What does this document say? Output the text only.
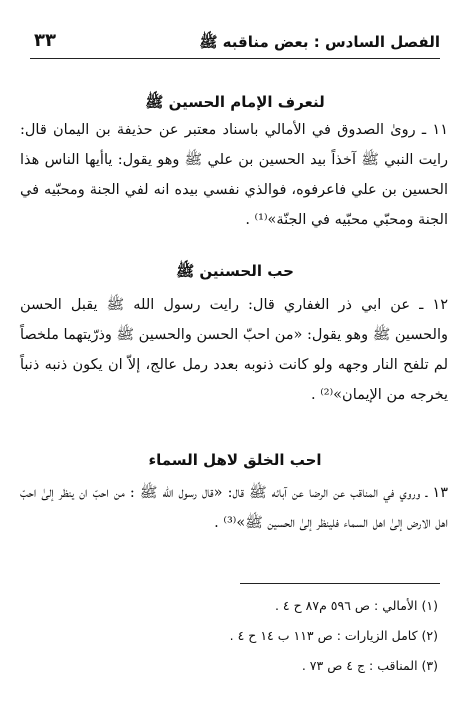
الفصل السادس : بعض مناقبه ﷺ
٣٣
لنعرف الإمام الحسين ﷺ

١١ ـ روىٰ الصدوق في الأمالي باسناد معتبر عن حذيفة بن اليمان قال: رايت النبي ﷺ آخذاً بيد الحسين بن علي ﷺ وهو يقول: ياأيها الناس هذا الحسين بن علي فاعرفوه، فوالذي نفسي بيده انه لفي الجنة ومحبّيه في الجنة ومحبّي محبّيه في الجنّة»⁽¹⁾ .

حب الحسنين ﷺ

١٢ ـ عن ابي ذر الغفاري قال: رايت رسول الله ﷺ يقبل الحسن والحسين ﷺ وهو يقول: «من احبّ الحسن والحسين ﷺ وذرّيتهما ملخصاً لم تلفح النار وجهه ولو كانت ذنوبه بعدد رمل عالج، إلاّ ان يكون ذنبه ذنباً يخرجه من الإيمان»⁽²⁾ .

احب الخلق لاهل السماء

١٣ ـ وروي في المناقب عن الرضا عن آبائه ﷺ قال: «قال رسول الله ﷺ : من احبّ ان ينظر إلىٰ احبّ اهل الارض إلىٰ اهل السماء فلينظر إلىٰ الحسين ﷺ»⁽³⁾ .

(١) الأمالي : ص ٥٩٦ م٨٧ ح ٤ .

(٢) كامل الزيارات : ص ١١٣ ب ١٤ ح ٤ .

(٣) المناقب : ج ٤ ص ٧٣ .
